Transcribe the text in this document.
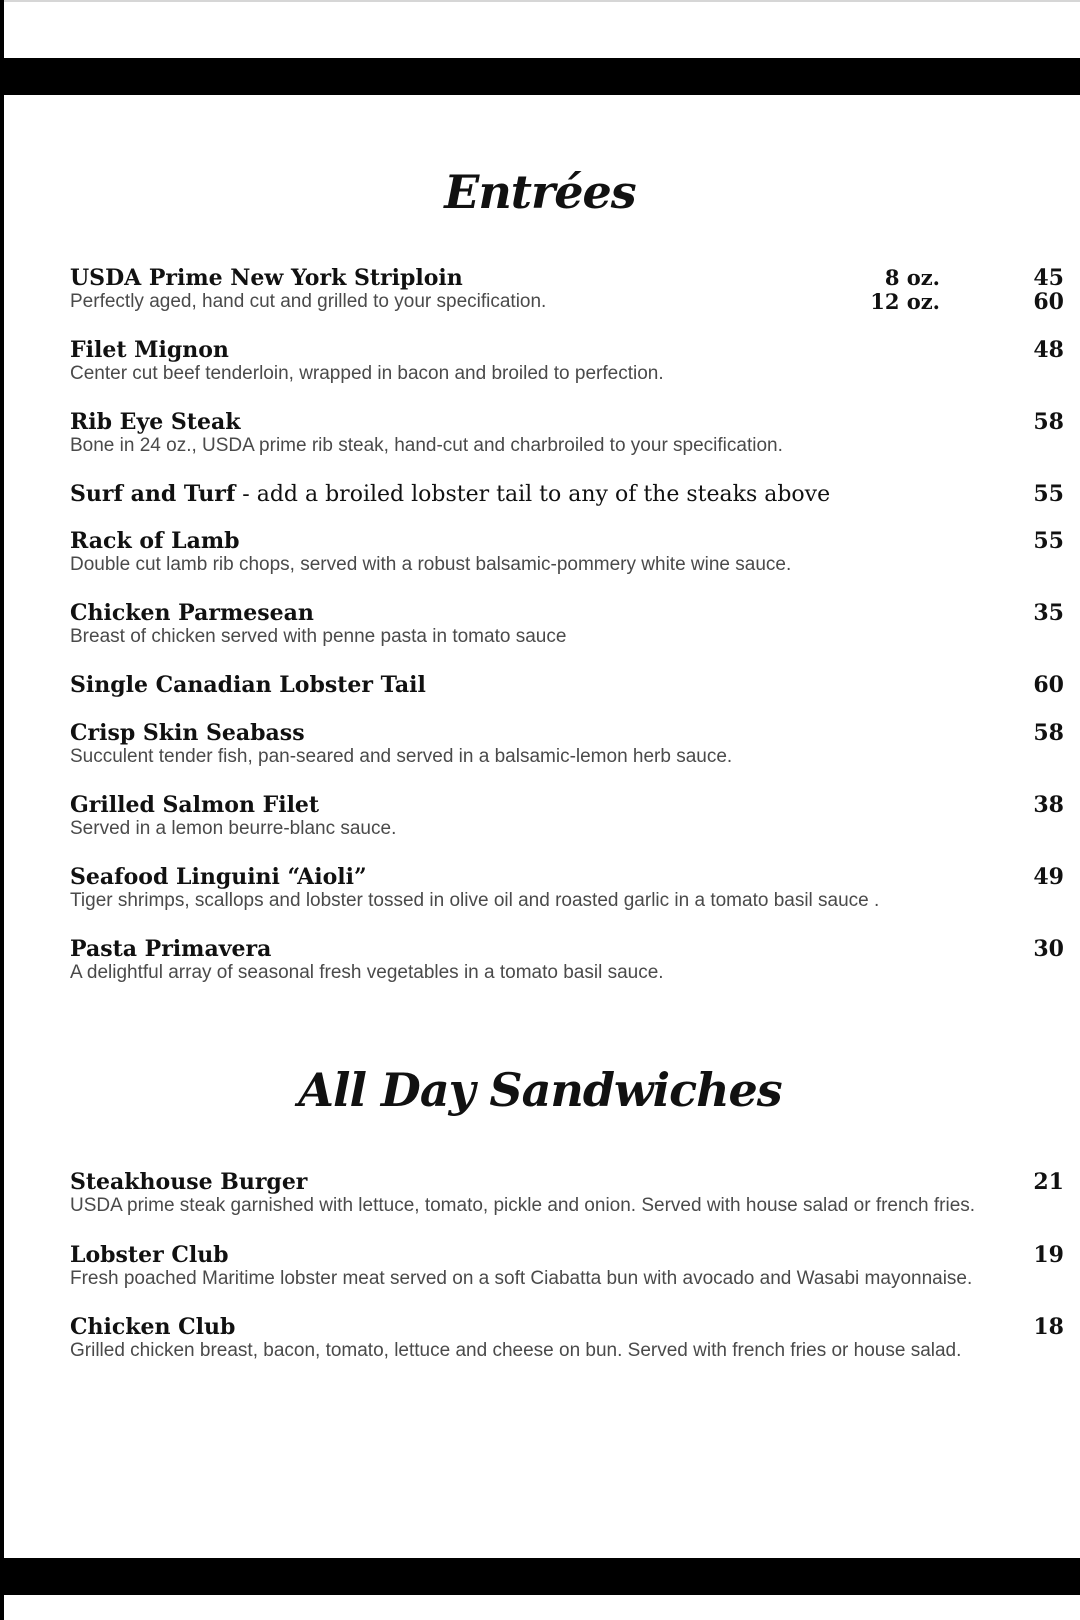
Entrées
USDA Prime New York Striploin
Perfectly aged, hand cut and grilled to your specification.
8 oz.
12 oz.
45
60
Filet Mignon
Center cut beef tenderloin, wrapped in bacon and broiled to perfection.
48
Rib Eye Steak
Bone in 24 oz., USDA prime rib steak, hand-cut and charbroiled to your specification.
58
Surf and Turf - add a broiled lobster tail to any of the steaks above	55
Rack of Lamb
Double cut lamb rib chops, served with a robust balsamic-pommery white wine sauce.
55
Chicken Parmesean
Breast of chicken served with penne pasta in tomato sauce
35
Single Canadian Lobster Tail	60
Crisp Skin Seabass
Succulent tender fish, pan-seared and served in a balsamic-lemon herb sauce.
58
Grilled Salmon Filet
Served in a lemon beurre-blanc sauce.
38
Seafood Linguini “Aioli”
Tiger shrimps, scallops and lobster tossed in olive oil and roasted garlic in a tomato basil sauce .
49
Pasta Primavera
A delightful array of seasonal fresh vegetables in a tomato basil sauce.
30
All Day Sandwiches
Steakhouse Burger
USDA prime steak garnished with lettuce, tomato, pickle and onion. Served with house salad or french fries.
21
Lobster Club
Fresh poached Maritime lobster meat served on a soft Ciabatta bun with avocado and Wasabi mayonnaise.
19
Chicken Club
Grilled chicken breast, bacon, tomato, lettuce and cheese on bun. Served with french fries or house salad.
18
